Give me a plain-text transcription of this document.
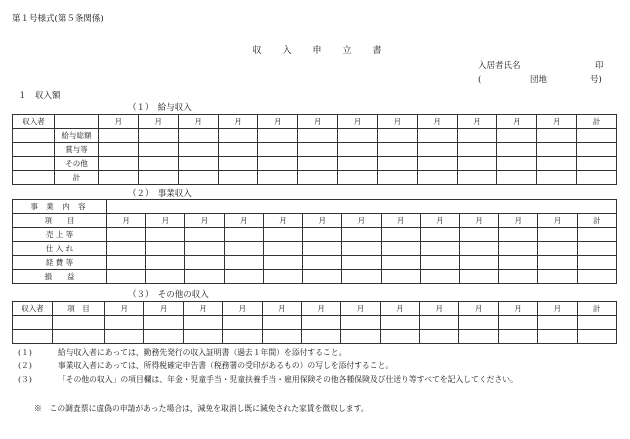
第１号様式(第５条関係)
収 入 申 立 書
入居者氏名	印
(	団地	号)
１　収入額
（１）　給与収入
（２）　事業収入
（３）　その他の収入
収入者		月	月	月	月	月	月	月	月	月	月	月	月	計
	給与総額													
	賞与等													
	その他													
	計													
事 業 内 容													
項　　目	月	月	月	月	月	月	月	月	月	月	月	月	計
売 上 等													
仕 入 れ													
経 費 等													
損　　益													
収入者	項　目	月	月	月	月	月	月	月	月	月	月	月	月	計

(１)	給与収入者にあっては、勤務先発行の収入証明書（過去１年間）を添付すること。
(２)	事業収入者にあっては、所得税確定申告書（税務署の受印があるもの）の写しを添付すること。
(３)	「その他の収入」の項目欄は、年金・児童手当・児童扶養手当・雇用保険その他各種保険及び仕送り等すべてを記入してください。
※　この調査票に虚偽の申請があった場合は，減免を取消し既に減免された家賃を徴収します。
